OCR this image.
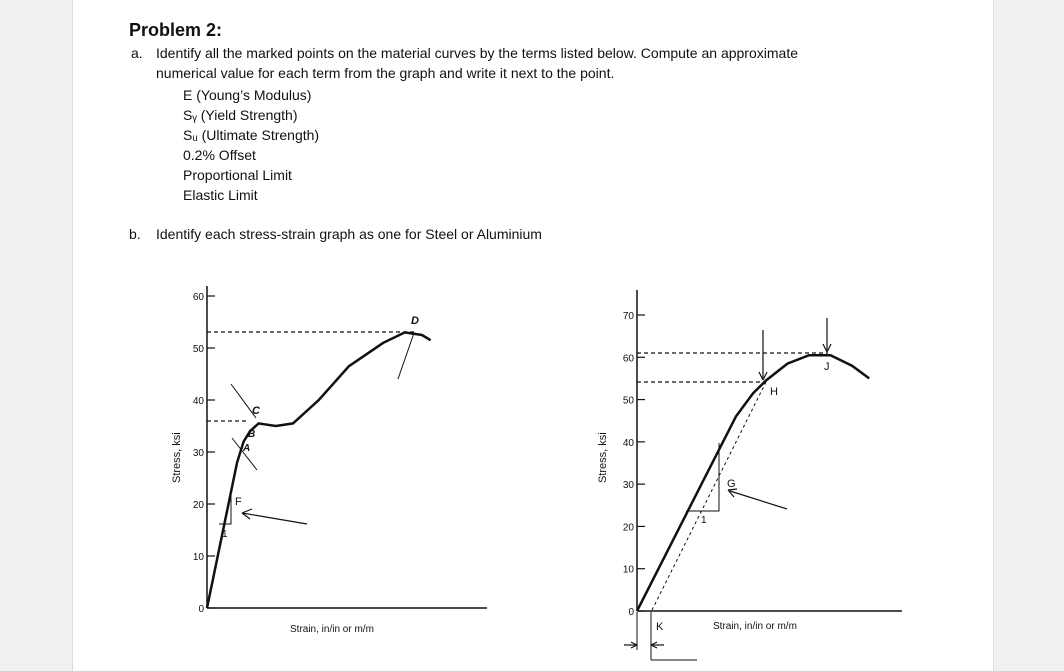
Problem 2:
a. Identify all the marked points on the material curves by the terms listed below. Compute an approximate
numerical value for each term from the graph and write it next to the point.
E (Young’s Modulus)
Sᵧ (Yield Strength)
Sᵤ (Ultimate Strength)
0.2% Offset
Proportional Limit
Elastic Limit
b. Identify each stress-strain graph as one for Steel or Aluminium
0
10
20
30
40
50
60
1
D
C
B
A
F
Strain, in/in or m/m
Stress, ksi
0
10
20
30
40
50
60
70
1
H
J
G
K	Strain, in/in or m/m
Stress, ksi
